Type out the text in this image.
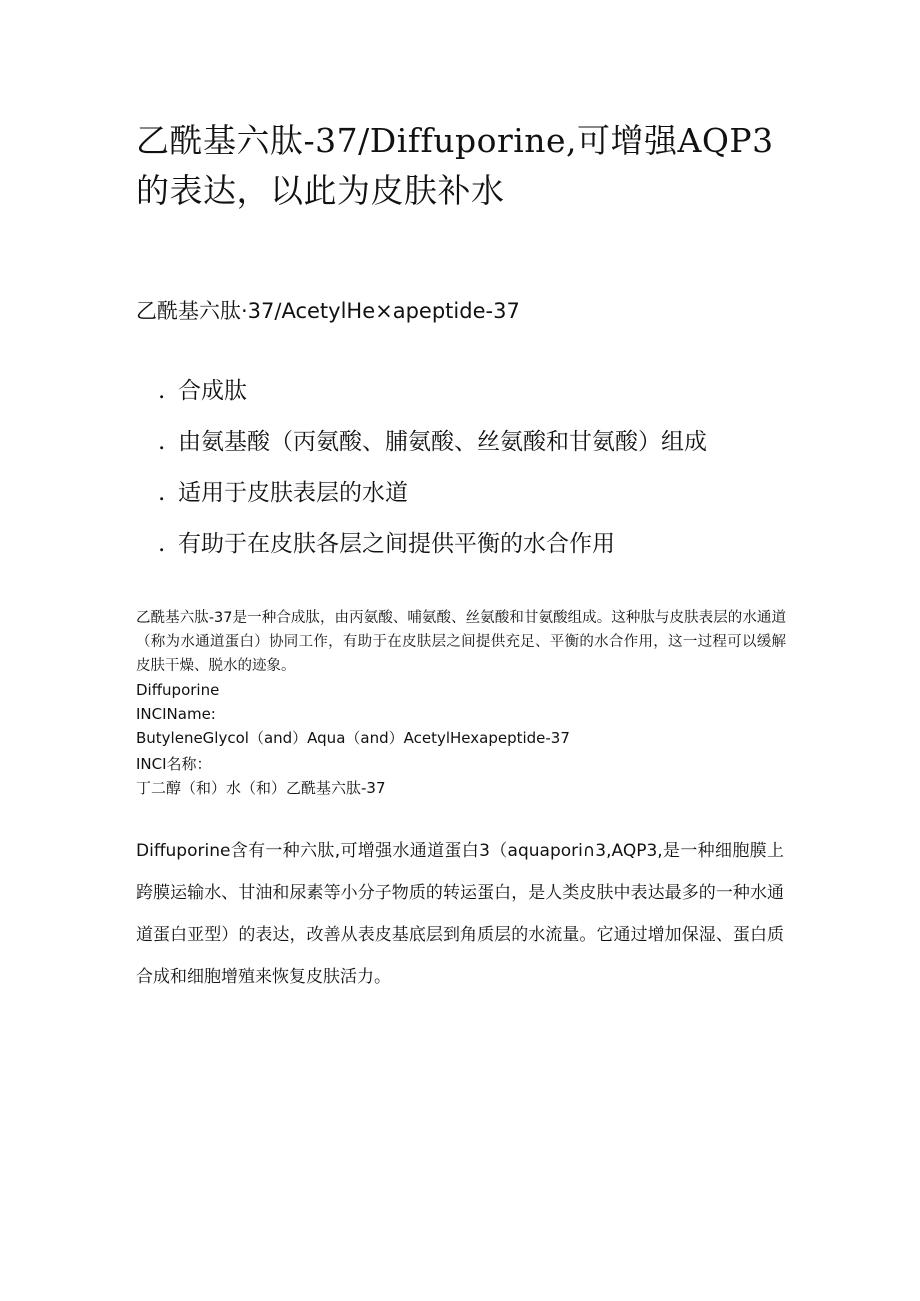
乙酰基六肽-37/Diffuporine,可增强AQP3的表达，以此为皮肤补水
乙酰基六肽·37∕AcetylHe×apeptide-37
. 合成肽
. 由氨基酸（丙氨酸、脯氨酸、丝氨酸和甘氨酸）组成
. 适用于皮肤表层的水道
. 有助于在皮肤各层之间提供平衡的水合作用

乙酰基六肽-37是一种合成肽，由丙氨酸、哺氨酸、丝氨酸和甘氨酸组成。这种肽与皮肤表层的水通道（称为水通道蛋白）协同工作，有助于在皮肤层之间提供充足、平衡的水合作用，这一过程可以缓解皮肤干燥、脱水的迹象。

Diffuporine

INCIName:

ButyleneGlycol（and）Aqua（and）AcetylHexapeptide-37

INCI名称：

丁二醇（和）水（和）乙酰基六肽-37

Diffuporine含有一种六肽,可增强水通道蛋白3（aquapori∩3,AQP3,是一种细胞膜上跨膜运输水、甘油和尿素等小分子物质的转运蛋白，是人类皮肤中表达最多的一种水通道蛋白亚型）的表达，改善从表皮基底层到角质层的水流量。它通过增加保湿、蛋白质合成和细胞增殖来恢复皮肤活力。
